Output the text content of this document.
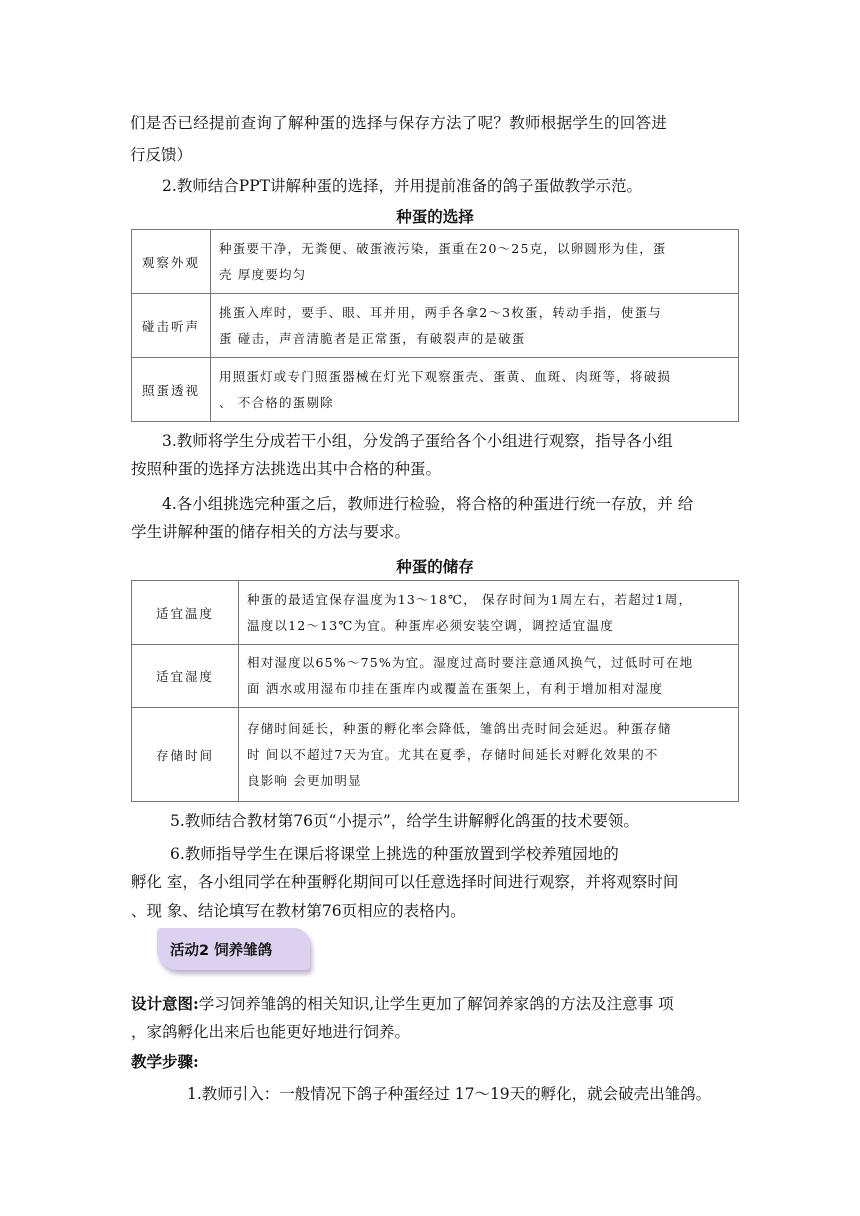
们是否已经提前查询了解种蛋的选择与保存方法了呢？教师根据学生的回答进
行反馈）
2.教师结合PPT讲解种蛋的选择，并用提前准备的鸽子蛋做教学示范。
种蛋的选择
观察外观	种蛋要干净，无粪便、破蛋液污染，蛋重在20～25克，以卵圆形为佳，蛋
壳 厚度要均匀

碰击听声	挑蛋入库时，要手、眼、耳并用，两手各拿2～3枚蛋，转动手指，使蛋与
蛋 碰击，声音清脆者是正常蛋，有破裂声的是破蛋

照蛋透视	用照蛋灯或专门照蛋器械在灯光下观察蛋壳、蛋黄、血斑、肉斑等，将破损
、 不合格的蛋剔除
3.教师将学生分成若干小组，分发鸽子蛋给各个小组进行观察，指导各小组
按照种蛋的选择方法挑选出其中合格的种蛋。
4.各小组挑选完种蛋之后，教师进行检验，将合格的种蛋进行统一存放，并 给
学生讲解种蛋的储存相关的方法与要求。
种蛋的储存
适宜温度	种蛋的最适宜保存温度为13～18℃， 保存时间为1周左右，若超过1周，
温度以12～13℃为宜。种蛋库必须安装空调，调控适宜温度

适宜湿度	相对湿度以65%～75%为宜。湿度过高时要注意通风换气，过低时可在地
面 洒水或用湿布巾挂在蛋库内或覆盖在蛋架上，有利于增加相对湿度

存储时间	存储时间延长，种蛋的孵化率会降低，雏鸽出壳时间会延迟。种蛋存储
时 间以不超过7天为宜。尤其在夏季，存储时间延长对孵化效果的不
良影响 会更加明显
5.教师结合教材第76页“小提示”，给学生讲解孵化鸽蛋的技术要领。
6.教师指导学生在课后将课堂上挑选的种蛋放置到学校养殖园地的
孵化 室，各小组同学在种蛋孵化期间可以任意选择时间进行观察，并将观察时间
、现 象、结论填写在教材第76页相应的表格内。
活动2 饲养雏鸽
设计意图:学习饲养雏鸽的相关知识,让学生更加了解饲养家鸽的方法及注意事 项
，家鸽孵化出来后也能更好地进行饲养。
教学步骤:
1.教师引入：一般情况下鸽子种蛋经过 17～19天的孵化，就会破壳出雏鸽。
